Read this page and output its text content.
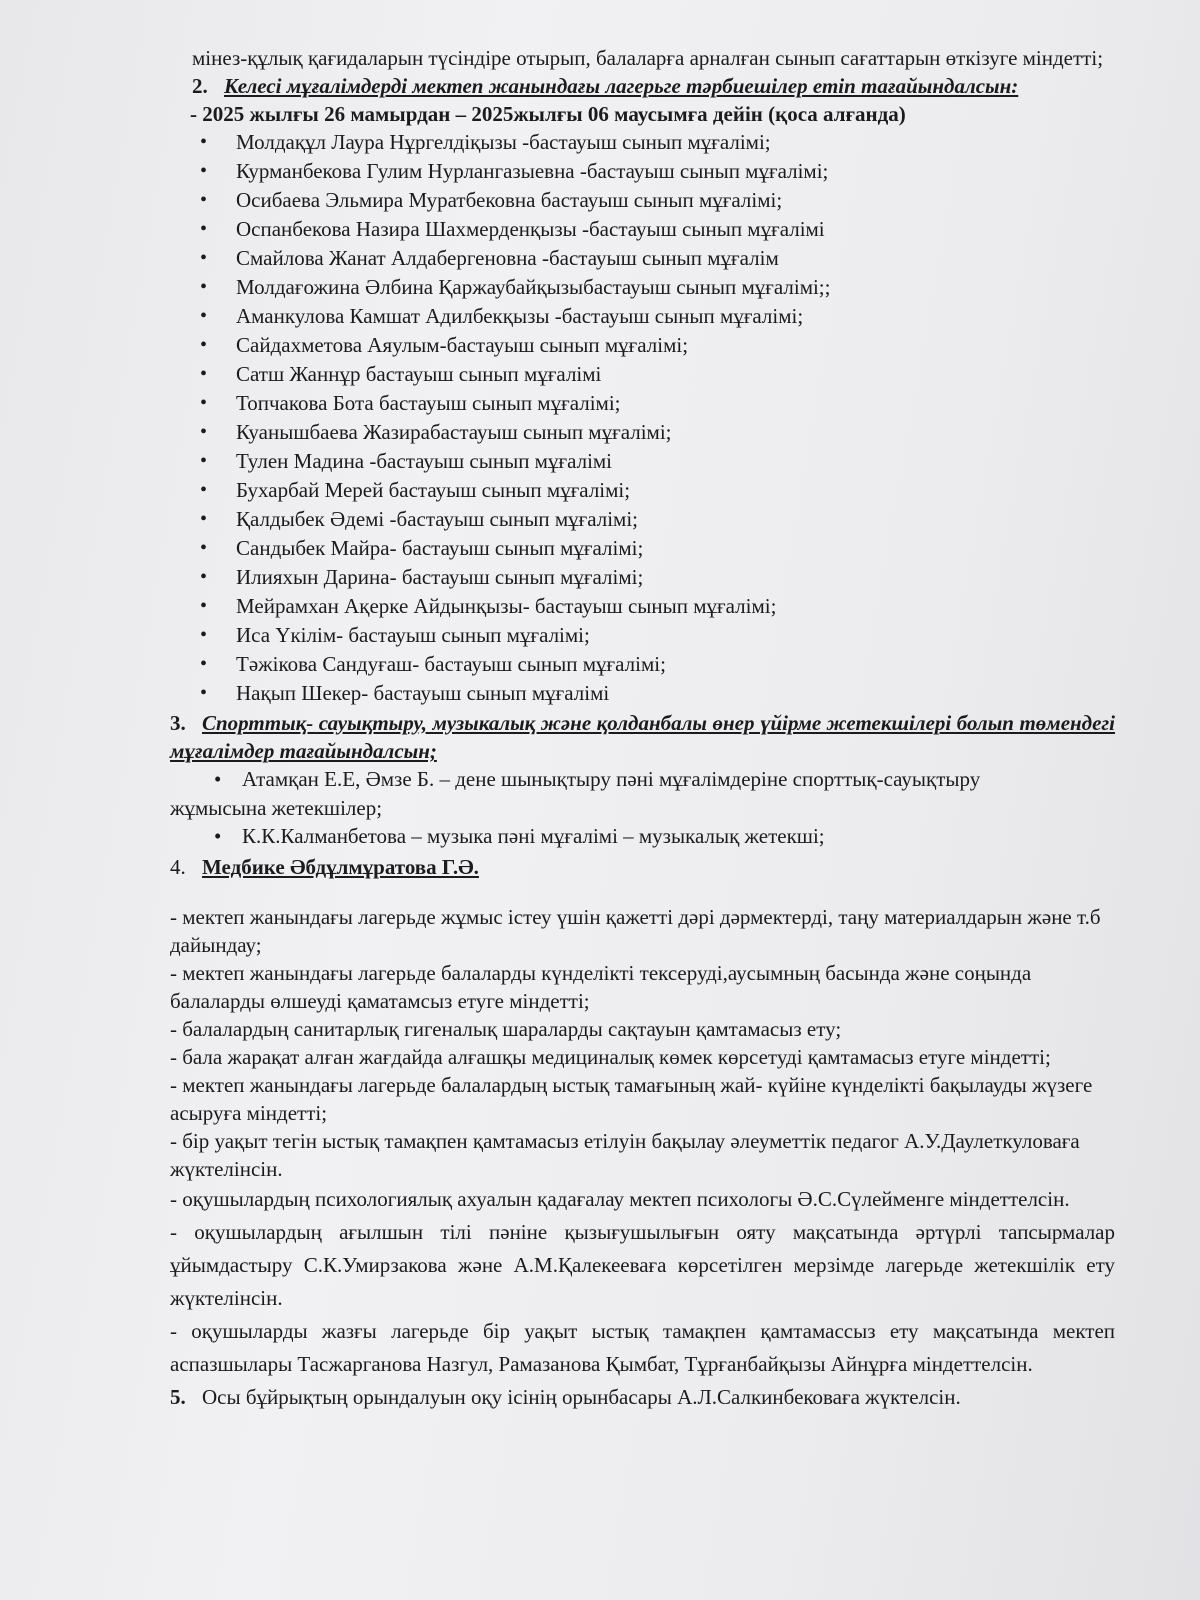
мінез-құлық қағидаларын түсіндіре отырып, балаларға арналған сынып сағаттарын өткізуге міндетті;
2. Келесі мұғалімдерді мектеп жанындағы лагерьге тәрбиешілер етіп тағайындалсын:
- 2025 жылғы 26 мамырдан – 2025жылғы 06 маусымға дейін (қоса алғанда)
• Молдақұл Лаура Нұргелдіқызы -бастауыш сынып мұғалімі;
• Курманбекова Гулим Нурлангазыевна -бастауыш сынып мұғалімі;
• Осибаева Эльмира Муратбековна бастауыш сынып мұғалімі;
• Оспанбекова Назира Шахмерденқызы -бастауыш сынып мұғалімі
• Смайлова Жанат Алдабергеновна -бастауыш сынып мұғалім
• Молдағожина Әлбина Қаржаубайқызыбастауыш сынып мұғалімі;;
• Аманкулова Камшат Адилбекқызы -бастауыш сынып мұғалімі;
• Сайдахметова Аяулым-бастауыш сынып мұғалімі;
• Сатш Жаннұр бастауыш сынып мұғалімі
• Топчакова Бота бастауыш сынып мұғалімі;
• Куанышбаева Жазирабастауыш сынып мұғалімі;
• Тулен Мадина -бастауыш сынып мұғалімі
• Бухарбай Мерей бастауыш сынып мұғалімі;
• Қалдыбек Әдемі -бастауыш сынып мұғалімі;
• Сандыбек Майра- бастауыш сынып мұғалімі;
• Илияхын Дарина- бастауыш сынып мұғалімі;
• Мейрамхан Ақерке Айдынқызы- бастауыш сынып мұғалімі;
• Иса Үкілім- бастауыш сынып мұғалімі;
• Тәжікова Сандуғаш- бастауыш сынып мұғалімі;
• Нақып Шекер- бастауыш сынып мұғалімі
3. Спорттық- сауықтыру, музыкалық және қолданбалы өнер үйірме жетекшілері болып төмендегі мұғалімдер тағайындалсын;
• Атамқан Е.Е, Әмзе Б. – дене шынықтыру пәні мұғалімдеріне спорттық-сауықтыру
жұмысына жетекшілер;
• К.К.Калманбетова – музыка пәні мұғалімі – музыкалық жетекші;
4. Медбике Әбдұлмұратова Г.Ә.

- мектеп жанындағы лагерьде жұмыс істеу үшін қажетті дәрі дәрмектерді, таңу материалдарын және т.б дайындау;

- мектеп жанындағы лагерьде балаларды күнделікті тексеруді,аусымның басында және соңында балаларды өлшеуді қаматамсыз етуге міндетті;

- балалардың санитарлық гигеналық шараларды сақтауын қамтамасыз ету;

- бала жарақат алған жағдайда алғашқы медициналық көмек көрсетуді қамтамасыз етуге міндетті;

- мектеп жанындағы лагерьде балалардың ыстық тамағының жай- күйіне күнделікті бақылауды жүзеге асыруға міндетті;

- бір уақыт тегін ыстық тамақпен қамтамасыз етілуін бақылау әлеуметтік педагог А.У.Даулеткуловаға жүктелінсін.

- оқушылардың психологиялық ахуалын қадағалау мектеп психологы Ә.С.Сүлейменге міндеттелсін.

- оқушылардың ағылшын тілі пәніне қызығушылығын ояту мақсатында әртүрлі тапсырмалар ұйымдастыру С.К.Умирзакова және А.М.Қалекееваға көрсетілген мерзімде лагерьде жетекшілік ету жүктелінсін.

- оқушыларды жазғы лагерьде бір уақыт ыстық тамақпен қамтамассыз ету мақсатында мектеп аспазшылары Тасжарганова Назгул, Рамазанова Қымбат, Тұрғанбайқызы Айнұрға міндеттелсін.

5. Осы бұйрықтың орындалуын оқу ісінің орынбасары А.Л.Салкинбековаға жүктелсін.
